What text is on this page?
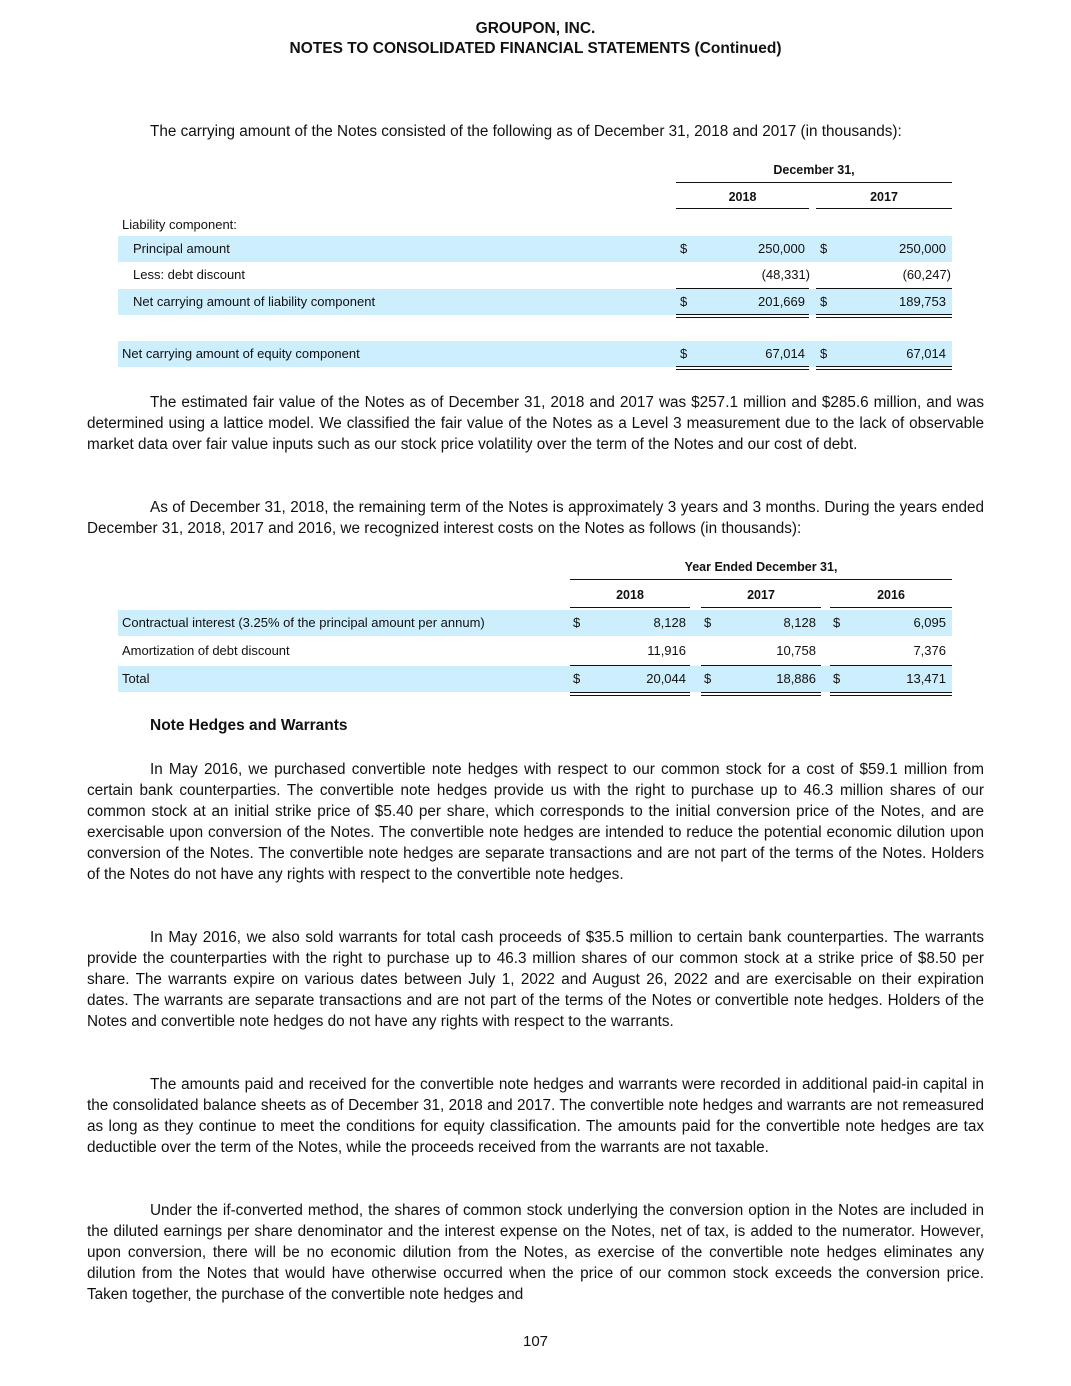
GROUPON, INC.
NOTES TO CONSOLIDATED FINANCIAL STATEMENTS (Continued)

The carrying amount of the Notes consisted of the following as of December 31, 2018 and 2017 (in thousands):

December 31,
2018	2017
Liability component:
Principal amount	$	250,000 $	250,000
Less: debt discount	(48,331)	(60,247)
Net carrying amount of liability component	$	201,669 $	189,753
Net carrying amount of equity component	$	67,014 $	67,014

The estimated fair value of the Notes as of December 31, 2018 and 2017 was $257.1 million and $285.6 million, and was determined using a lattice model. We classified the fair value of the Notes as a Level 3 measurement due to the lack of observable market data over fair value inputs such as our stock price volatility over the term of the Notes and our cost of debt.

As of December 31, 2018, the remaining term of the Notes is approximately 3 years and 3 months. During the years ended December 31, 2018, 2017 and 2016, we recognized interest costs on the Notes as follows (in thousands):

Year Ended December 31,
2018	2017	2016
Contractual interest (3.25% of the principal amount per annum)	$	8,128 $	8,128 $	6,095
Amortization of debt discount	11,916	10,758	7,376
Total	$	20,044 $	18,886 $	13,471

Note Hedges and Warrants

In May 2016, we purchased convertible note hedges with respect to our common stock for a cost of $59.1 million from certain bank counterparties. The convertible note hedges provide us with the right to purchase up to 46.3 million shares of our common stock at an initial strike price of $5.40 per share, which corresponds to the initial conversion price of the Notes, and are exercisable upon conversion of the Notes. The convertible note hedges are intended to reduce the potential economic dilution upon conversion of the Notes. The convertible note hedges are separate transactions and are not part of the terms of the Notes. Holders of the Notes do not have any rights with respect to the convertible note hedges.

In May 2016, we also sold warrants for total cash proceeds of $35.5 million to certain bank counterparties. The warrants provide the counterparties with the right to purchase up to 46.3 million shares of our common stock at a strike price of $8.50 per share. The warrants expire on various dates between July 1, 2022 and August 26, 2022 and are exercisable on their expiration dates. The warrants are separate transactions and are not part of the terms of the Notes or convertible note hedges. Holders of the Notes and convertible note hedges do not have any rights with respect to the warrants.

The amounts paid and received for the convertible note hedges and warrants were recorded in additional paid-in capital in the consolidated balance sheets as of December 31, 2018 and 2017. The convertible note hedges and warrants are not remeasured as long as they continue to meet the conditions for equity classification. The amounts paid for the convertible note hedges are tax deductible over the term of the Notes, while the proceeds received from the warrants are not taxable.

Under the if-converted method, the shares of common stock underlying the conversion option in the Notes are included in the diluted earnings per share denominator and the interest expense on the Notes, net of tax, is added to the numerator. However, upon conversion, there will be no economic dilution from the Notes, as exercise of the convertible note hedges eliminates any dilution from the Notes that would have otherwise occurred when the price of our common stock exceeds the conversion price. Taken together, the purchase of the convertible note hedges and

107
